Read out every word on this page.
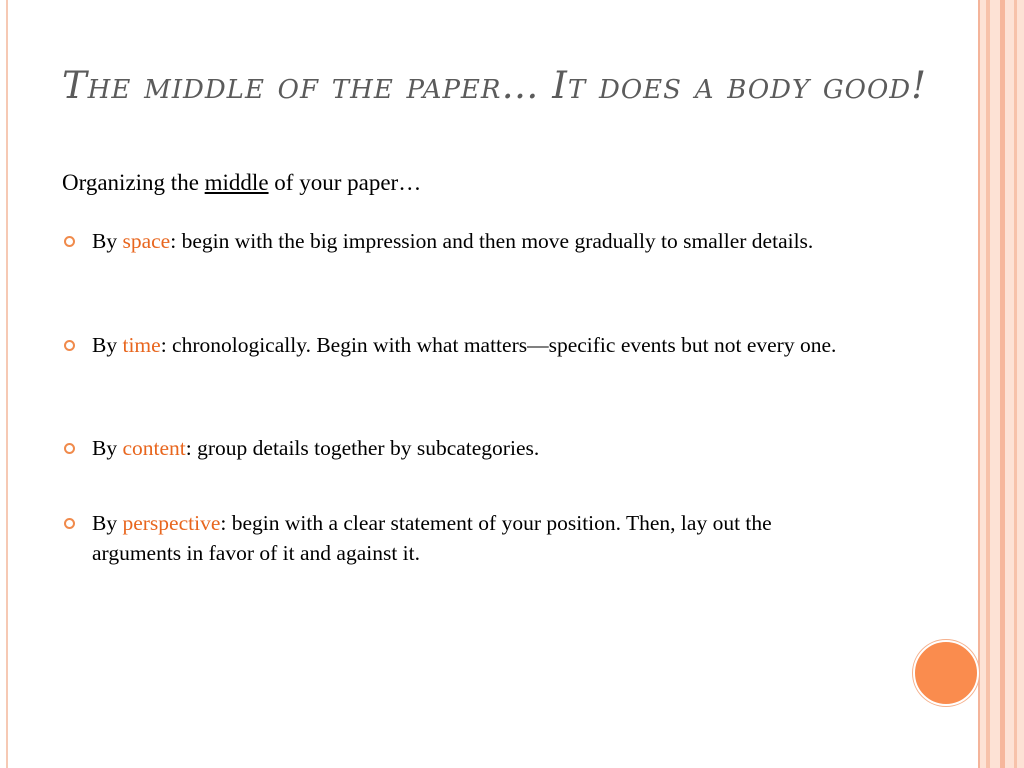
The middle of the paper… It does a body good!
Organizing the middle of your paper…
By space: begin with the big impression and then move gradually to smaller details.
By time: chronologically. Begin with what matters—specific events but not every one.
By content: group details together by subcategories.
By perspective: begin with a clear statement of your position. Then, lay out the arguments in favor of it and against it.
